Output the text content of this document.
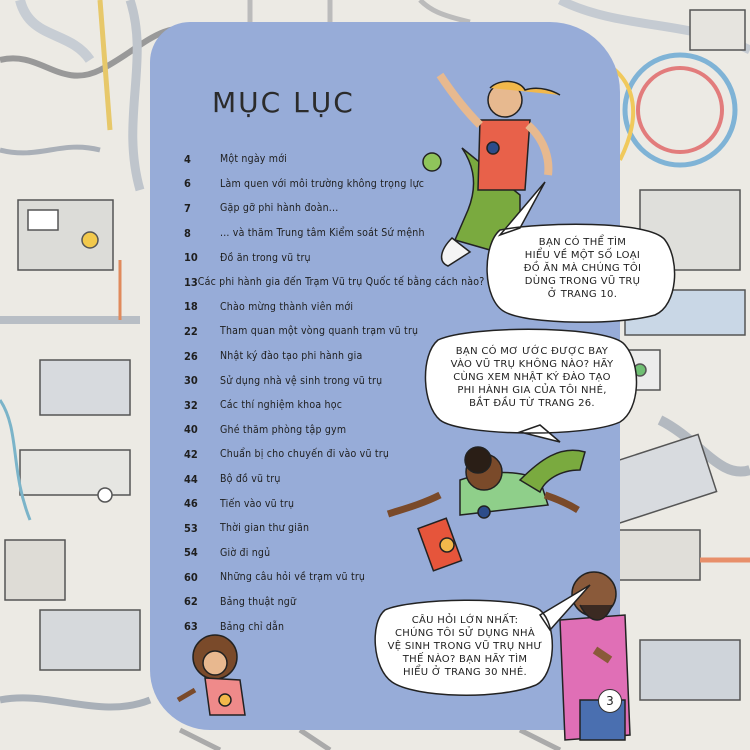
MỤC LỤC
4	Một ngày mới
6	Làm quen với môi trường không trọng lực
7	Gặp gỡ phi hành đoàn...
8	... và thăm Trung tâm Kiểm soát Sứ mệnh
10	Đồ ăn trong vũ trụ
13 Các phi hành gia đến Trạm Vũ trụ Quốc tế bằng cách nào?
18	Chào mừng thành viên mới
22	Tham quan một vòng quanh trạm vũ trụ
26	Nhật ký đào tạo phi hành gia
30	Sử dụng nhà vệ sinh trong vũ trụ
32	Các thí nghiệm khoa học
40	Ghé thăm phòng tập gym
42	Chuẩn bị cho chuyến đi vào vũ trụ
44	Bộ đồ vũ trụ
46	Tiến vào vũ trụ
53	Thời gian thư giãn
54	Giờ đi ngủ
60	Những câu hỏi về trạm vũ trụ
62	Bảng thuật ngữ
63	Bảng chỉ dẫn
BẠN CÓ THỂ TÌM
HIỂU VỀ MỘT SỐ LOẠI
ĐỒ ĂN MÀ CHÚNG TÔI
DÙNG TRONG VŨ TRỤ
Ở TRANG 10.
BẠN CÓ MƠ ƯỚC ĐƯỢC BAY
VÀO VŨ TRỤ KHÔNG NÀO? HÃY
CÙNG XEM NHẬT KÝ ĐÀO TẠO
PHI HÀNH GIA CỦA TÔI NHÉ,
BẮT ĐẦU TỪ TRANG 26.
CÂU HỎI LỚN NHẤT:
CHÚNG TÔI SỬ DỤNG NHÀ
VỆ SINH TRONG VŨ TRỤ NHƯ
THẾ NÀO? BẠN HÃY TÌM
HIỂU Ở TRANG 30 NHÉ.
3
